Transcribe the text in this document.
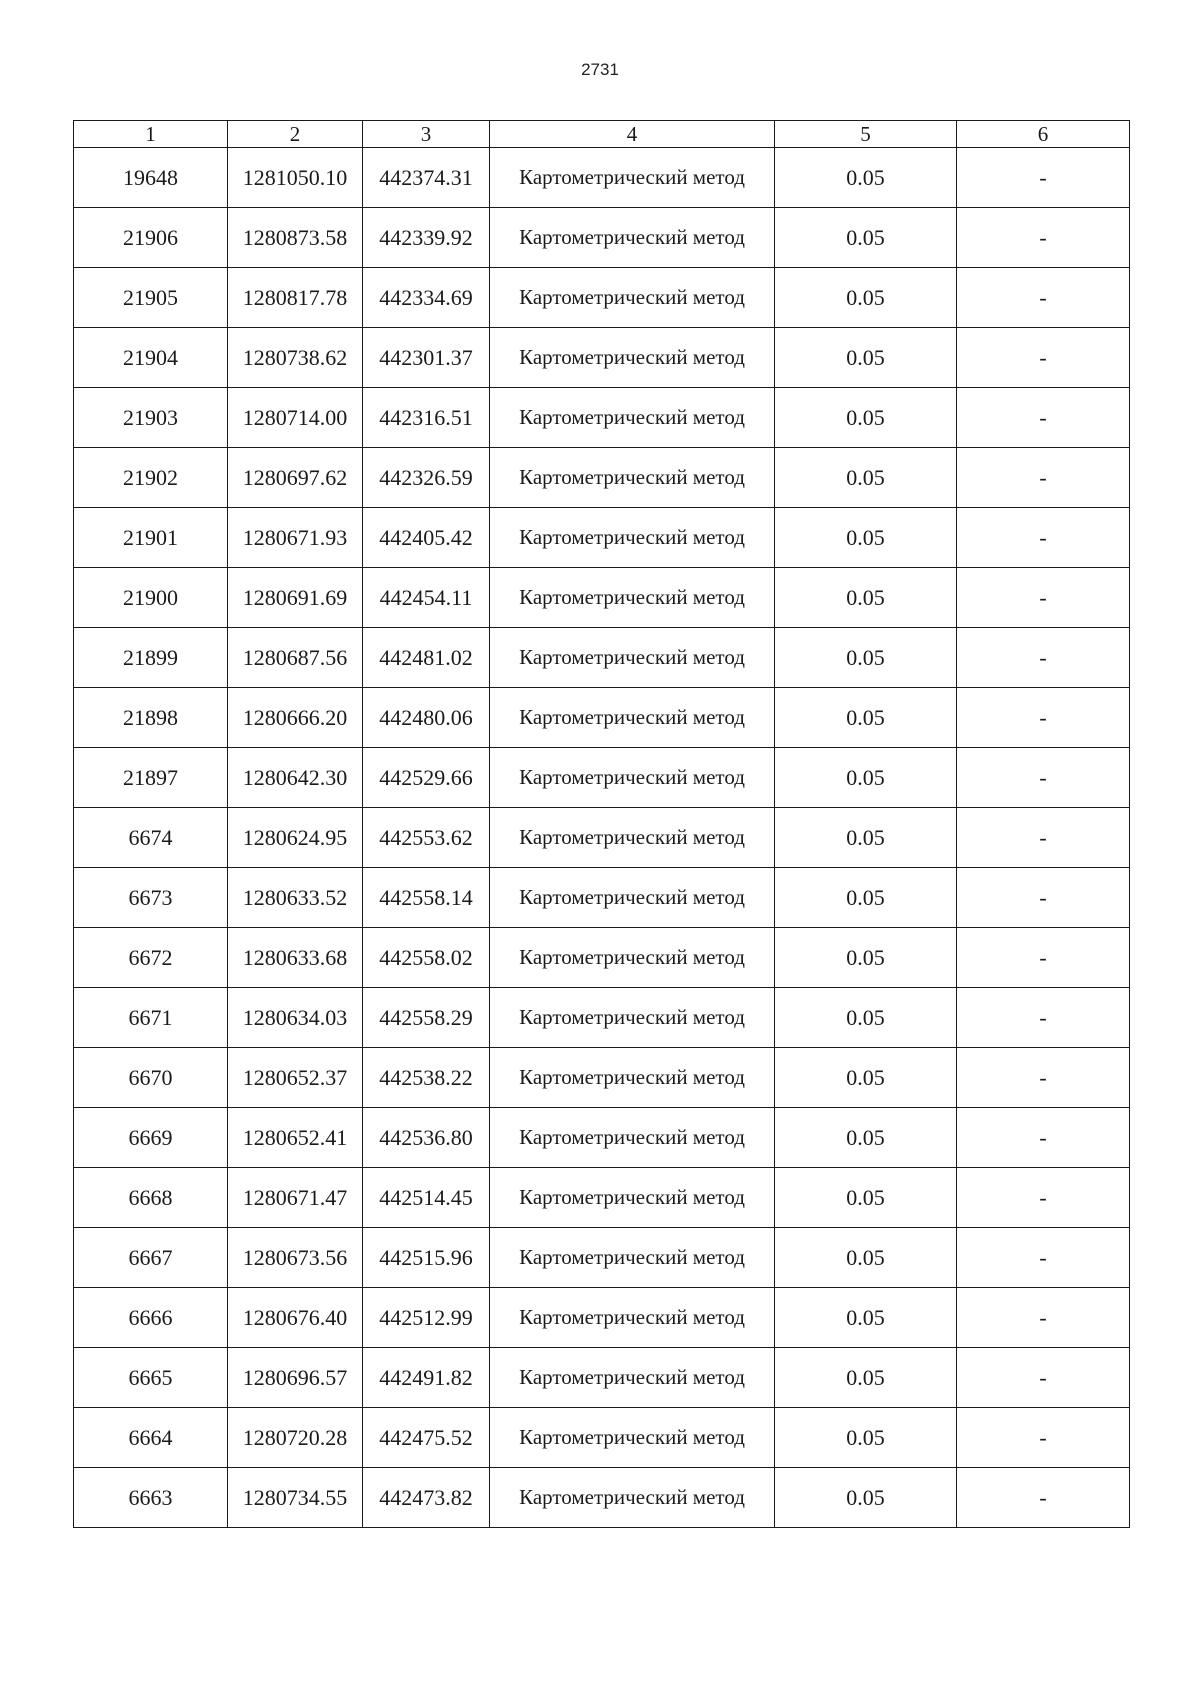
2731
1	2	3	4	5	6
19648	1281050.10	442374.31	Картометрический метод	0.05	-
21906	1280873.58	442339.92	Картометрический метод	0.05	-
21905	1280817.78	442334.69	Картометрический метод	0.05	-
21904	1280738.62	442301.37	Картометрический метод	0.05	-
21903	1280714.00	442316.51	Картометрический метод	0.05	-
21902	1280697.62	442326.59	Картометрический метод	0.05	-
21901	1280671.93	442405.42	Картометрический метод	0.05	-
21900	1280691.69	442454.11	Картометрический метод	0.05	-
21899	1280687.56	442481.02	Картометрический метод	0.05	-
21898	1280666.20	442480.06	Картометрический метод	0.05	-
21897	1280642.30	442529.66	Картометрический метод	0.05	-
6674	1280624.95	442553.62	Картометрический метод	0.05	-
6673	1280633.52	442558.14	Картометрический метод	0.05	-
6672	1280633.68	442558.02	Картометрический метод	0.05	-
6671	1280634.03	442558.29	Картометрический метод	0.05	-
6670	1280652.37	442538.22	Картометрический метод	0.05	-
6669	1280652.41	442536.80	Картометрический метод	0.05	-
6668	1280671.47	442514.45	Картометрический метод	0.05	-
6667	1280673.56	442515.96	Картометрический метод	0.05	-
6666	1280676.40	442512.99	Картометрический метод	0.05	-
6665	1280696.57	442491.82	Картометрический метод	0.05	-
6664	1280720.28	442475.52	Картометрический метод	0.05	-
6663	1280734.55	442473.82	Картометрический метод	0.05	-
